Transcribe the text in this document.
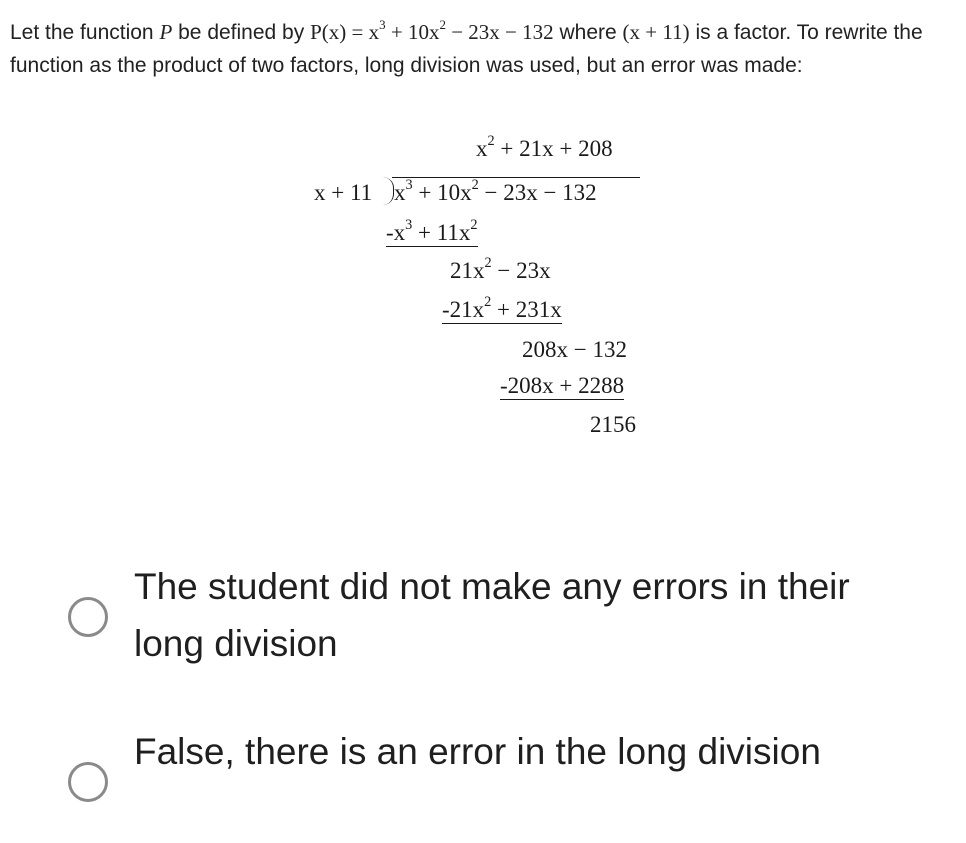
Let the function P be defined by $P(x) = x^3 + 10x^2 - 23x - 132$ where (x + 11) is a factor. To rewrite the function as the product of two factors, long division was used, but an error was made:
$x^2 + 21x + 208$
x + 11 $x^3 + 10x^2 - 23x - 132$
$-x^3 + 11x^2$
$21x^2 - 23x$
$-21x^2 + 231x$
208x − 132
-208x + 2288
2156
The student did not make any errors in their long division
False, there is an error in the long division
